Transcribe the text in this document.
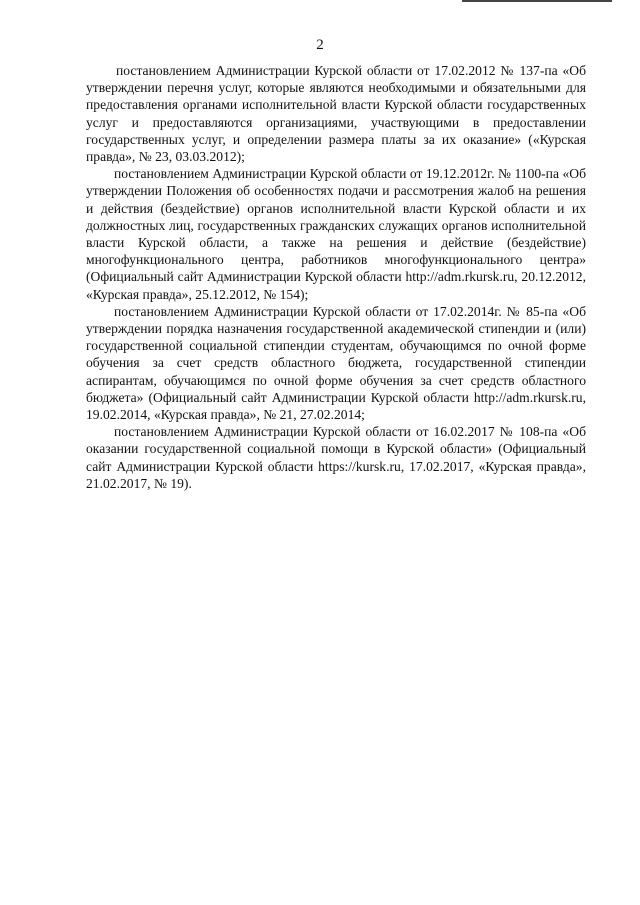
2

постановлением Администрации Курской области от 17.02.2012 № 137-па «Об утверждении перечня услуг, которые являются необходимыми и обязательными для предоставления органами исполнительной власти Курской области государственных услуг и предоставляются организациями, участвующими в предоставлении государственных услуг, и определении размера платы за их оказание» («Курская правда», № 23, 03.03.2012);

постановлением Администрации Курской области от 19.12.2012г. № 1100-па «Об утверждении Положения об особенностях подачи и рассмотрения жалоб на решения и действия (бездействие) органов исполнительной власти Курской области и их должностных лиц, государственных гражданских служащих органов исполнительной власти Курской области, а также на решения и действие (бездействие) многофункционального центра, работников многофункционального центра» (Официальный сайт Администрации Курской области http://adm.rkursk.ru, 20.12.2012, «Курская правда», 25.12.2012, № 154);

постановлением Администрации Курской области от 17.02.2014г. № 85-па «Об утверждении порядка назначения государственной академической стипендии и (или) государственной социальной стипендии студентам, обучающимся по очной форме обучения за счет средств областного бюджета, государственной стипендии аспирантам, обучающимся по очной форме обучения за счет средств областного бюджета» (Официальный сайт Администрации Курской области http://adm.rkursk.ru, 19.02.2014, «Курская правда», № 21, 27.02.2014;

постановлением Администрации Курской области от 16.02.2017 № 108-па «Об оказании государственной социальной помощи в Курской области» (Официальный сайт Администрации Курской области https://kursk.ru, 17.02.2017, «Курская правда», 21.02.2017, № 19).
